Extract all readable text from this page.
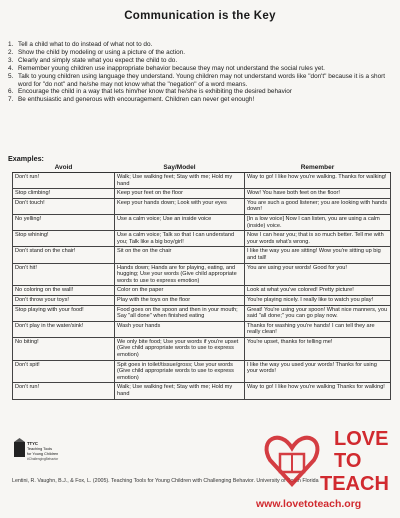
Communication is the Key
1. Tell a child what to do instead of what not to do.
2. Show the child by modeling or using a picture of the action.
3. Clearly and simply state what you expect the child to do.
4. Remember young children use inappropriate behavior because they may not understand the social rules yet.
5. Talk to young children using language they understand. Young children may not understand words like "don't" because it is a short word for "do not" and he/she may not know what the "negation" of a word means.
6. Encourage the child in a way that lets him/her know that he/she is exhibiting the desired behavior
7. Be enthusiastic and generous with encouragement. Children can never get enough!
Examples:
Avoid	Say/Model	Remember
Don't run!	Walk; Use walking feet; Stay with me; Hold my hand	Way to go! I like how you're walking. Thanks for walking!
Stop climbing!	Keep your feet on the floor	Wow! You have both feet on the floor!
Don't touch!	Keep your hands down; Look with your eyes	You are such a good listener; you are looking with hands down!
No yelling!	Use a calm voice; Use an inside voice	[In a low voice] Now I can listen, you are using a calm (inside) voice.
Stop whining!	Use a calm voice; Talk so that I can understand you; Talk like a big boy/girl!	Now I can hear you; that is so much better. Tell me with your words what's wrong.
Don't stand on the chair!	Sit on the on the chair	I like the way you are sitting! Wow you're sitting up big and tall!
Don't hit!	Hands down; Hands are for playing, eating, and hugging; Use your words (Give child appropriate words to use to express emotion)	You are using your words! Good for you!
No coloring on the wall!	Color on the paper	Look at what you've colored! Pretty picture!
Don't throw your toys!	Play with the toys on the floor	You're playing nicely. I really like to watch you play!
Stop playing with your food!	Food goes on the spoon and then in your mouth; Say "all done" when finished eating	Great! You're using your spoon! What nice manners, you said "all done;" you can go play now.
Don't play in the water/sink!	Wash your hands	Thanks for washing you're hands! I can tell they are really clean!
No biting!	We only bite food; Use your words if you're upset (Give child appropriate words to use to express emotion)	You're upset, thanks for telling me!
Don't spit!	Spit goes in toilet/tissue/gross; Use your words (Give child appropriate words to use to express emotion)	I like the way you used your words! Thanks for using your words!
Don't run!	Walk; Use walking feet; Stay with me; Hold my hand	Way to go! I like how you're walking Thanks for walking!
TTYC
Teaching Tools
for Young Children
#ChallengingBehavior
Lentini, R. Vaughn, B.J., & Fox, L. (2005). Teaching Tools for Young Children with Challenging Behavior. University of South Florida
LOVE
TO
TEACH
www.lovetoteach.org
